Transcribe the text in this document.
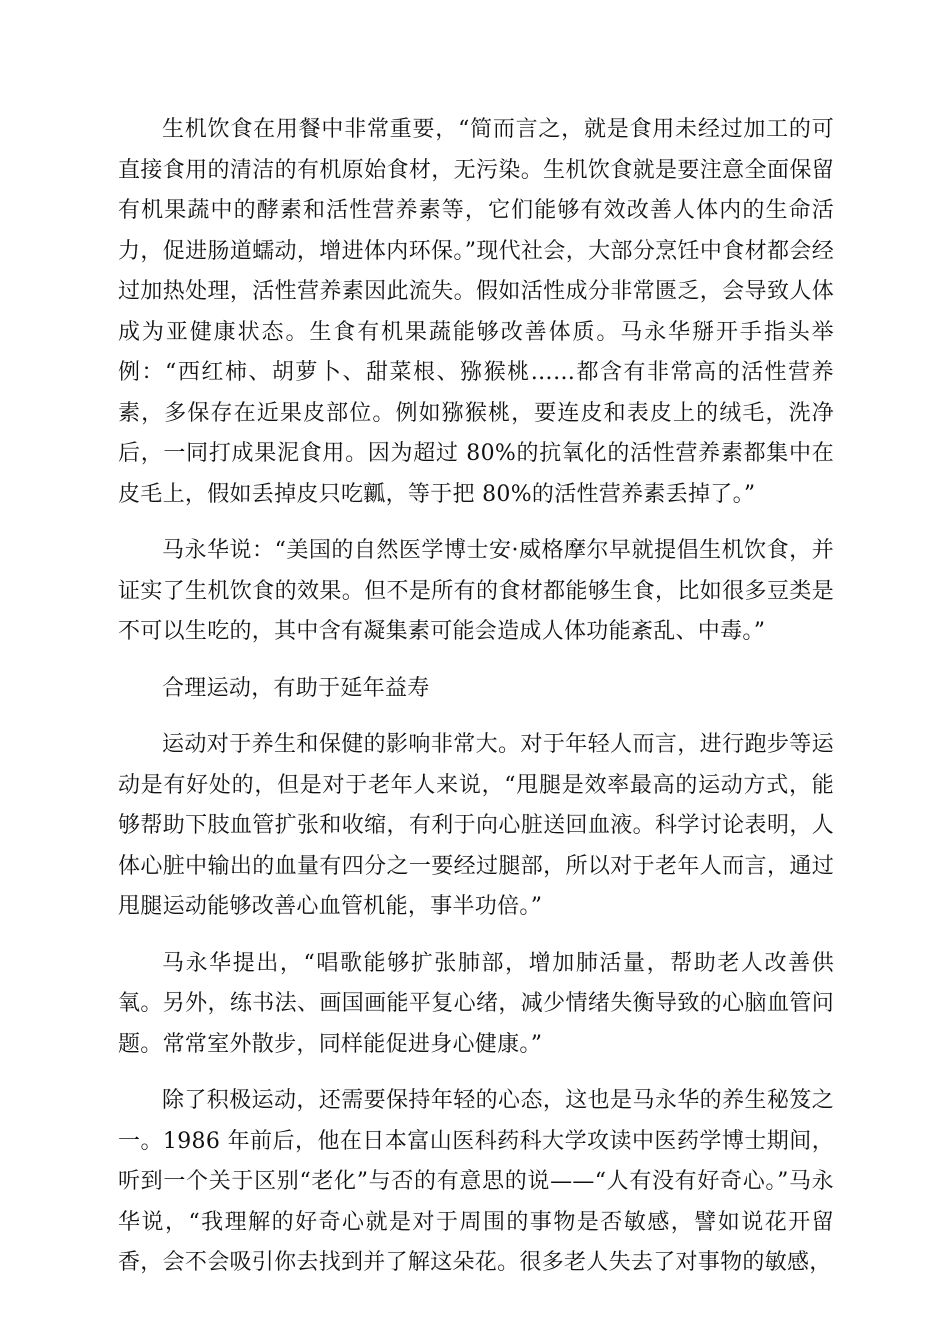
生机饮食在用餐中非常重要，“简而言之，就是食用未经过加工的可直接食用的清洁的有机原始食材，无污染。生机饮食就是要注意全面保留有机果蔬中的酵素和活性营养素等，它们能够有效改善人体内的生命活力，促进肠道蠕动，增进体内环保。”现代社会，大部分烹饪中食材都会经过加热处理，活性营养素因此流失。假如活性成分非常匮乏，会导致人体成为亚健康状态。生食有机果蔬能够改善体质。马永华掰开手指头举例：“西红柿、胡萝卜、甜菜根、猕猴桃……都含有非常高的活性营养素，多保存在近果皮部位。例如猕猴桃，要连皮和表皮上的绒毛，洗净后，一同打成果泥食用。因为超过 80%的抗氧化的活性营养素都集中在皮毛上，假如丢掉皮只吃瓤，等于把 80%的活性营养素丢掉了。”

马永华说：“美国的自然医学博士安·威格摩尔早就提倡生机饮食，并证实了生机饮食的效果。但不是所有的食材都能够生食，比如很多豆类是不可以生吃的，其中含有凝集素可能会造成人体功能紊乱、中毒。”

合理运动，有助于延年益寿

运动对于养生和保健的影响非常大。对于年轻人而言，进行跑步等运动是有好处的，但是对于老年人来说，“甩腿是效率最高的运动方式，能够帮助下肢血管扩张和收缩，有利于向心脏送回血液。科学讨论表明，人体心脏中输出的血量有四分之一要经过腿部，所以对于老年人而言，通过甩腿运动能够改善心血管机能，事半功倍。”

马永华提出，“唱歌能够扩张肺部，增加肺活量，帮助老人改善供氧。另外，练书法、画国画能平复心绪，减少情绪失衡导致的心脑血管问题。常常室外散步，同样能促进身心健康。”

除了积极运动，还需要保持年轻的心态，这也是马永华的养生秘笈之一。1986 年前后，他在日本富山医科药科大学攻读中医药学博士期间，听到一个关于区别“老化”与否的有意思的说——“人有没有好奇心。”马永华说，“我理解的好奇心就是对于周围的事物是否敏感，譬如说花开留香，会不会吸引你去找到并了解这朵花。很多老人失去了对事物的敏感，
